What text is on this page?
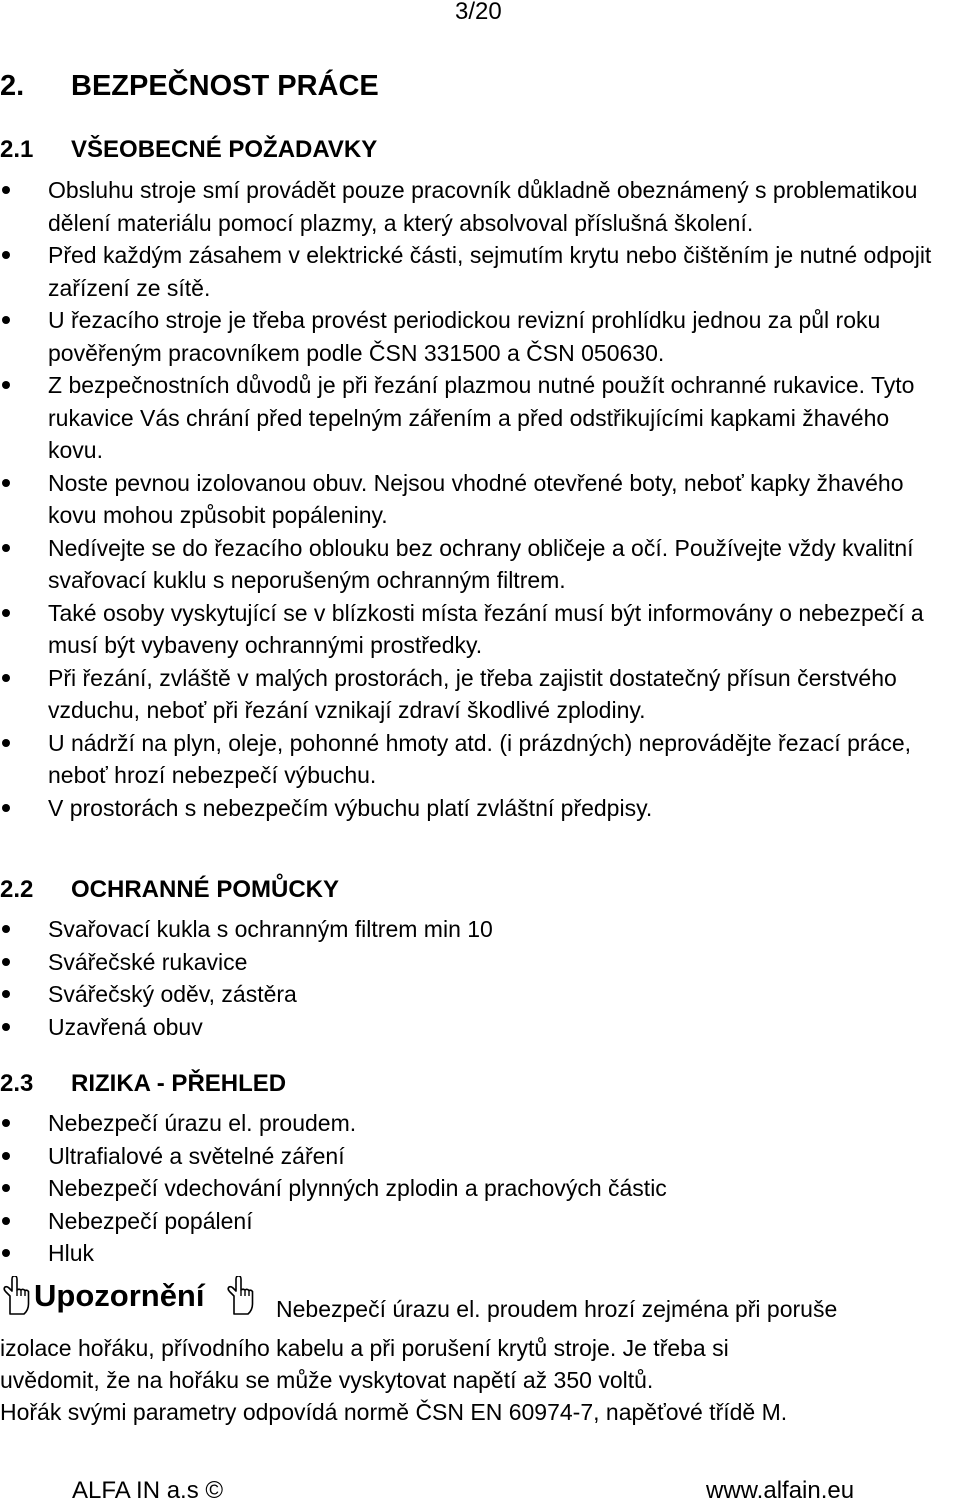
3/20
2. BEZPEČNOST PRÁCE
2.1 VŠEOBECNÉ POŽADAVKY
Obsluhu stroje smí provádět pouze pracovník důkladně obeznámený s problematikou dělení materiálu pomocí plazmy, a který absolvoval příslušná školení.
Před každým zásahem v elektrické části, sejmutím krytu nebo čištěním je nutné odpojit zařízení ze sítě.
U řezacího stroje je třeba provést periodickou revizní prohlídku jednou za půl roku pověřeným pracovníkem podle ČSN 331500 a ČSN 050630.
Z bezpečnostních důvodů je při řezání plazmou nutné použít ochranné rukavice. Tyto rukavice Vás chrání před tepelným zářením a před odstřikujícími kapkami žhavého kovu.
Noste pevnou izolovanou obuv. Nejsou vhodné otevřené boty, neboť kapky žhavého kovu mohou způsobit popáleniny.
Nedívejte se do řezacího oblouku bez ochrany obličeje a očí. Používejte vždy kvalitní svařovací kuklu s neporušeným ochranným filtrem.
Také osoby vyskytující se v blízkosti místa řezání musí být informovány o nebezpečí a musí být vybaveny ochrannými prostředky.
Při řezání, zvláště v malých prostorách, je třeba zajistit dostatečný přísun čerstvého vzduchu, neboť při řezání vznikají zdraví škodlivé zplodiny.
U nádrží na plyn, oleje, pohonné hmoty atd. (i prázdných) neprovádějte řezací práce, neboť hrozí nebezpečí výbuchu.
V prostorách s nebezpečím výbuchu platí zvláštní předpisy.
2.2 OCHRANNÉ POMŮCKY
Svařovací kukla s ochranným filtrem min 10
Svářečské rukavice
Svářečský oděv, zástěra
Uzavřená obuv
2.3 RIZIKA - PŘEHLED
Nebezpečí úrazu el. proudem.
Ultrafialové a světelné záření
Nebezpečí vdechování plynných zplodin a prachových částic
Nebezpečí popálení
Hluk
Upozornění	Nebezpečí úrazu el. proudem hrozí zejména při poruše
izolace hořáku, přívodního kabelu a při porušení krytů stroje. Je třeba si
uvědomit, že na hořáku se může vyskytovat napětí až 350 voltů.
Hořák svými parametry odpovídá normě ČSN EN 60974-7, napěťové třídě M.
ALFA IN a.s ©	www.alfain.eu
